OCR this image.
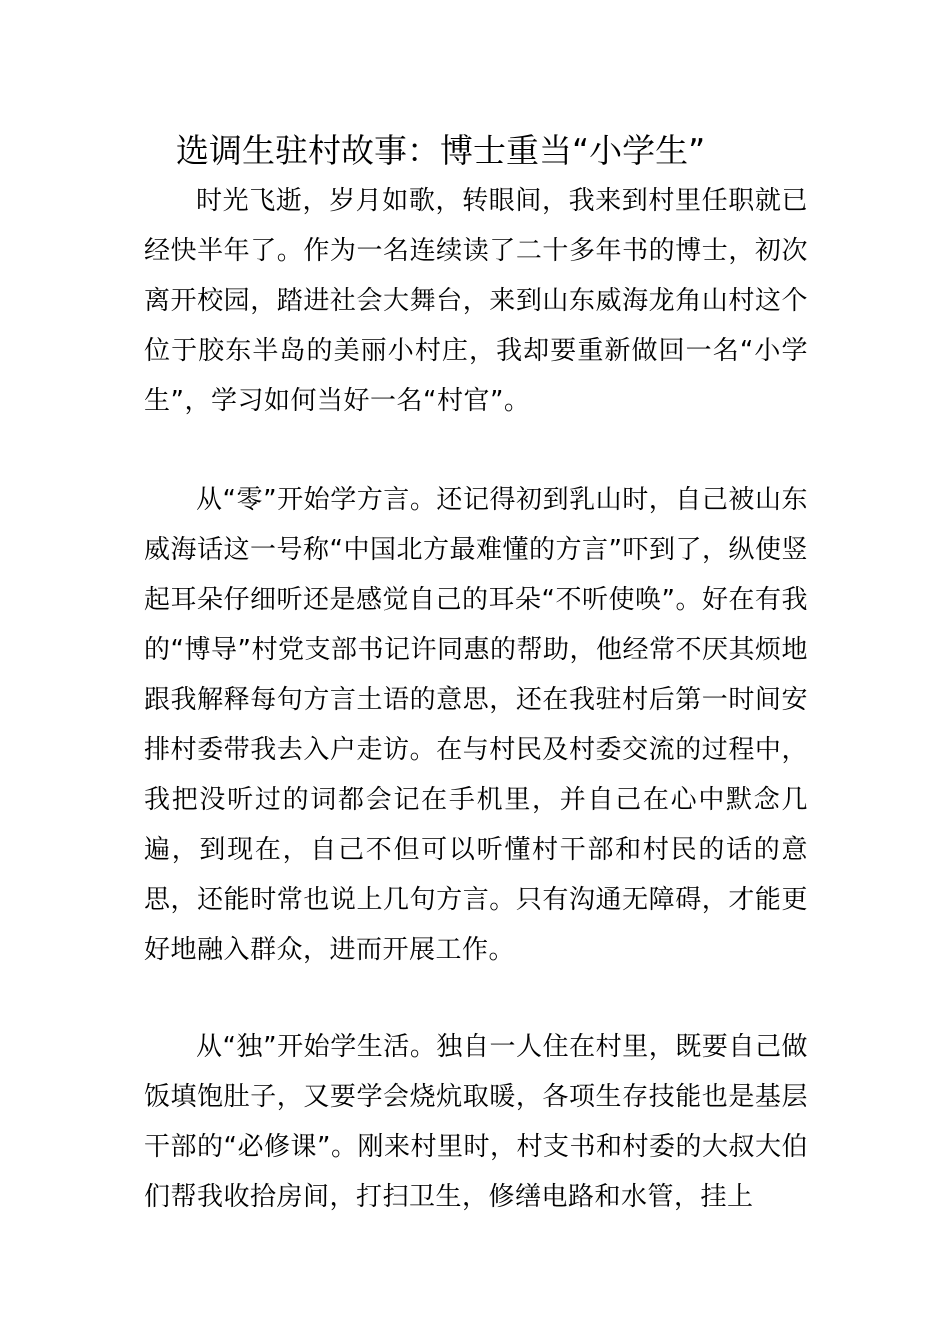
选调生驻村故事：博士重当“小学生”

时光飞逝，岁月如歌，转眼间，我来到村里任职就已经快半年了。作为一名连续读了二十多年书的博士，初次离开校园，踏进社会大舞台，来到山东威海龙角山村这个位于胶东半岛的美丽小村庄，我却要重新做回一名“小学生”，学习如何当好一名“村官”。

从“零”开始学方言。还记得初到乳山时，自己被山东威海话这一号称“中国北方最难懂的方言”吓到了，纵使竖起耳朵仔细听还是感觉自己的耳朵“不听使唤”。好在有我的“博导”村党支部书记许同惠的帮助，他经常不厌其烦地跟我解释每句方言土语的意思，还在我驻村后第一时间安排村委带我去入户走访。在与村民及村委交流的过程中，我把没听过的词都会记在手机里，并自己在心中默念几遍，到现在，自己不但可以听懂村干部和村民的话的意思，还能时常也说上几句方言。只有沟通无障碍，才能更好地融入群众，进而开展工作。

从“独”开始学生活。独自一人住在村里，既要自己做饭填饱肚子，又要学会烧炕取暖，各项生存技能也是基层干部的“必修课”。刚来村里时，村支书和村委的大叔大伯们帮我收拾房间，打扫卫生，修缮电路和水管，挂上
